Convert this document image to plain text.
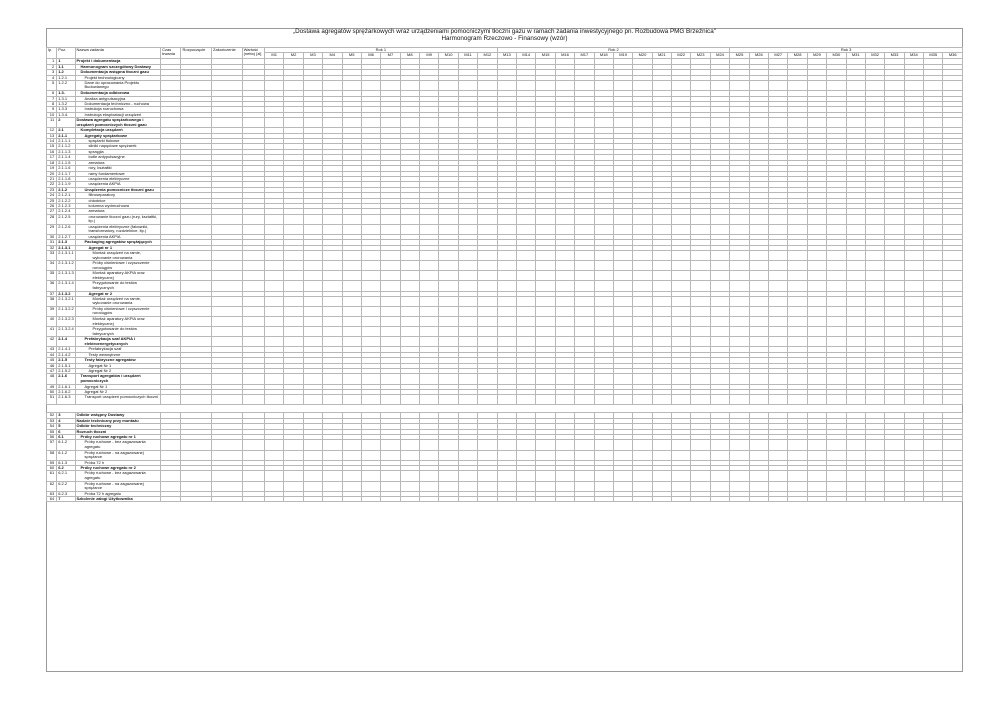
„Dostawa agregatów sprężarkowych wraz urządzeniami pomocniczymi tłoczni gazu w ramach zadania inwestycyjnego pn. Rozbudowa PMG Brzeźnica"
Harmonogram Rzeczowo - Finansowy (wzór)
lp.	Poz.	Nazwa zadania	Czas trwania	Rozpoczęcie	Zakończenie	Wartość (netto) [zł]	Rok 1												Rok 2												Rok 3											
							M1	M2	M3	M4	M5	M6	M7	M8	M9	M10	M11	M12	M13	M14	M15	M16	M17	M18	M19	M20	M21	M22	M23	M24	M25	M26	M27	M28	M29	M30	M31	M32	M33	M34	M35	M36
1	1	Projekt i dokumentacja																																								
2	1.1	Harmonogram szczegółowy Dostawy																																								
3	1.2	Dokumentacja wstępna tłoczni gazu																																								
4	1.2.1	Projekt technologiczny																																								
5	1.2.2	Dane do opracowania Projektu Budowlanego																																								
6	1.3.	Dokumentacja odbiorowa																																								
7	1.3.1	Analiza antypulsacyjna																																								
8	1.3.2	Dokumentacja techniczno - ruchowa																																								
9	1.3.3	Instrukcja rozruchowa																																								
10	1.3.4.	Instrukcja eksploatacji urządzeń																																								
11	2	Dostawa agregatu sprężarkowego i urządzeń pomocniczych tłoczni gazu																																								
12	2.1	Kompletacja urządzeń																																								
13	2.1.1	Agregaty sprężarkowe																																								
14	2.1.1.1	sprężarki tłokowe																																								
15	2.1.1.2	silniki napędowe sprężarek																																								
16	2.1.1.3	sprzęgła																																								
17	2.1.1.4	butle antypulsacyjne																																								
18	2.1.1.5	armatura																																								
19	2.1.1.6	rury, kształtki																																								
20	2.1.1.7	ramy fundamentowe																																								
21	2.1.1.8	urządzenia elektryczne																																								
22	2.1.1.9	urządzenia AKPiA																																								
23	2.1.2	Urządzenia pomocnicze tłoczni gazu																																								
24	2.1.2.1	filtroseparatory																																								
25	2.1.2.2	chłodnice																																								
26	2.1.2.3	kolumna wydmuchowa																																								
27	2.1.2.4	armatura																																								
28	2.1.2.5	orurowanie tłoczni gazu (rury, kształtki, itp.)																																								
29	2.1.2.6	urządzenia elektryczne (falowniki, transformatory, rozdzielnice, itp.)																																								
30	2.1.2.7	urządzenia AKPiA																																								
31	2.1.3	Packaging agregatów sprężających																																								
32	2.1.3.1	Agregat nr 1																																								
33	2.1.3.1.1	Montaż urządzeń na ramie, wykonanie orurowania																																								
34	2.1.3.1.2	Próby ciśnieniowe i czyszczenie rurociągów																																								
35	2.1.3.1.3	Montaż aparatury AKPiA oraz elektrycznej																																								
36	2.1.3.1.4	Przygotowanie do testów fabrycznych																																								
37	2.1.3.2	Agregat nr 2																																								
38	2.1.3.2.1	Montaż urządzeń na ramie, wykonanie orurowania																																								
39	2.1.3.2.2	Próby ciśnieniowe i czyszczenie rurociągów																																								
40	2.1.3.2.3	Montaż aparatury AKPiA oraz elektrycznej																																								
41	2.1.3.2.4	Przygotowanie do testów fabrycznych																																								
42	2.1.4	Prefabrykacja szaf AKPiA i elektroenergetycznych																																								
43	2.1.4.1	Prefabrykacja szaf																																								
44	2.1.4.2	Testy wewnętrzne																																								
45	2.1.5	Testy fabryczne agregatów																																								
46	2.1.5.1	Agregat Nr 1																																								
47	2.1.5.2	Agregat Nr 2																																								
48	2.1.6	Transport agregatów i urządzeń pomocniczych																																								
49	2.1.6.1	Agregat Nr 1																																								
50	2.1.6.2	Agregat Nr 2																																								
51	2.1.6.3	Transport urządzeń pomocniczych tłoczni																																								

52	3	Odbiór wstępny Dostawy																																								
53	4	Nadzór techniczny przy montażu																																								
54	5	Odbiór techniczny																																								
55	6	Rozruch tłoczni																																								
56	6.1	Próby ruchowe agregatu nr 1																																								
57	6.1.2	Próby ruchowe - bez zagazowania agregatu																																								
58	6.1.2	Próby ruchowe - na zagazowanej sprężarce																																								
59	6.1.3	Próba 72 h																																								
60	6.2	Próby ruchowe agregatu nr 2																																								
61	6.2.1	Próby ruchowe - bez zagazowania agregatu																																								
62	6.2.2	Próby ruchowe - na zagazowanej sprężarce																																								
63	6.2.3	Próba 72 h agregatu																																								
64	7	Szkolenie załogi Użytkownika																																								
